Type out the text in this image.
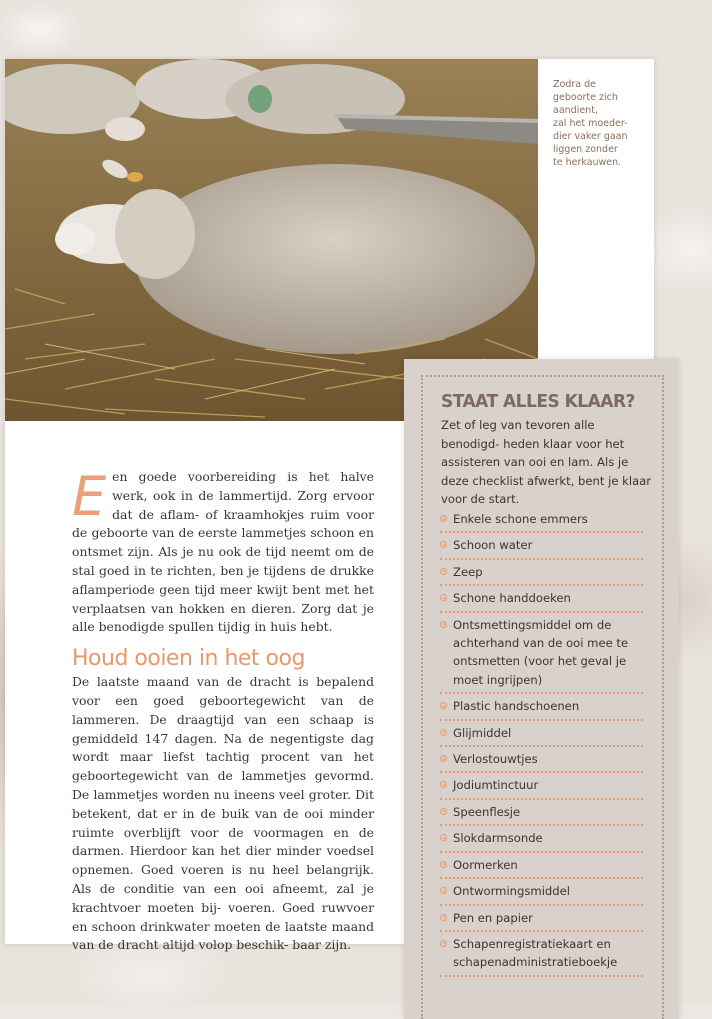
Zodra de
geboorte zich
aandient,
zal het moeder-
dier vaker gaan
liggen zonder
te herkauwen.

Een goede voorbereiding is het halve werk, ook in de lammertijd. Zorg ervoor dat de aflam- of kraamhokjes ruim voor de geboorte van de eerste lammetjes schoon en ontsmet zijn. Als je nu ook de tijd neemt om de stal goed in te richten, ben je tijdens de drukke aflamperiode geen tijd meer kwijt bent met het verplaatsen van hokken en dieren. Zorg dat je alle benodigde spullen tijdig in huis hebt.

Houd ooien in het oog

De laatste maand van de dracht is bepalend voor een goed geboortegewicht van de lammeren. De draagtijd van een schaap is gemiddeld 147 dagen. Na de negentigste dag wordt maar liefst tachtig procent van het geboortegewicht van de lammetjes gevormd. De lammetjes worden nu ineens veel groter. Dit betekent, dat er in de buik van de ooi minder ruimte overblijft voor de voormagen en de darmen. Hierdoor kan het dier minder voedsel opnemen. Goed voeren is nu heel belangrijk. Als de conditie van een ooi afneemt, zal je krachtvoer moeten bij- voeren. Goed ruwvoer en schoon drinkwater moeten de laatste maand van de dracht altijd volop beschik- baar zijn.

STAAT ALLES KLAAR?
Zet of leg van tevoren alle benodigd- heden klaar voor het assisteren van ooi en lam. Als je deze checklist afwerkt, bent je klaar voor de start.
Enkele schone emmers
Schoon water
Zeep
Schone handdoeken
Ontsmettingsmiddel om de achterhand van de ooi mee te ontsmetten (voor het geval je moet ingrijpen)
Plastic handschoenen
Glijmiddel
Verlostouwtjes
Jodiumtinctuur
Speenflesje
Slokdarmsonde
Oormerken
Ontwormingsmiddel
Pen en papier
Schapenregistratiekaart en schapenadministratieboekje
